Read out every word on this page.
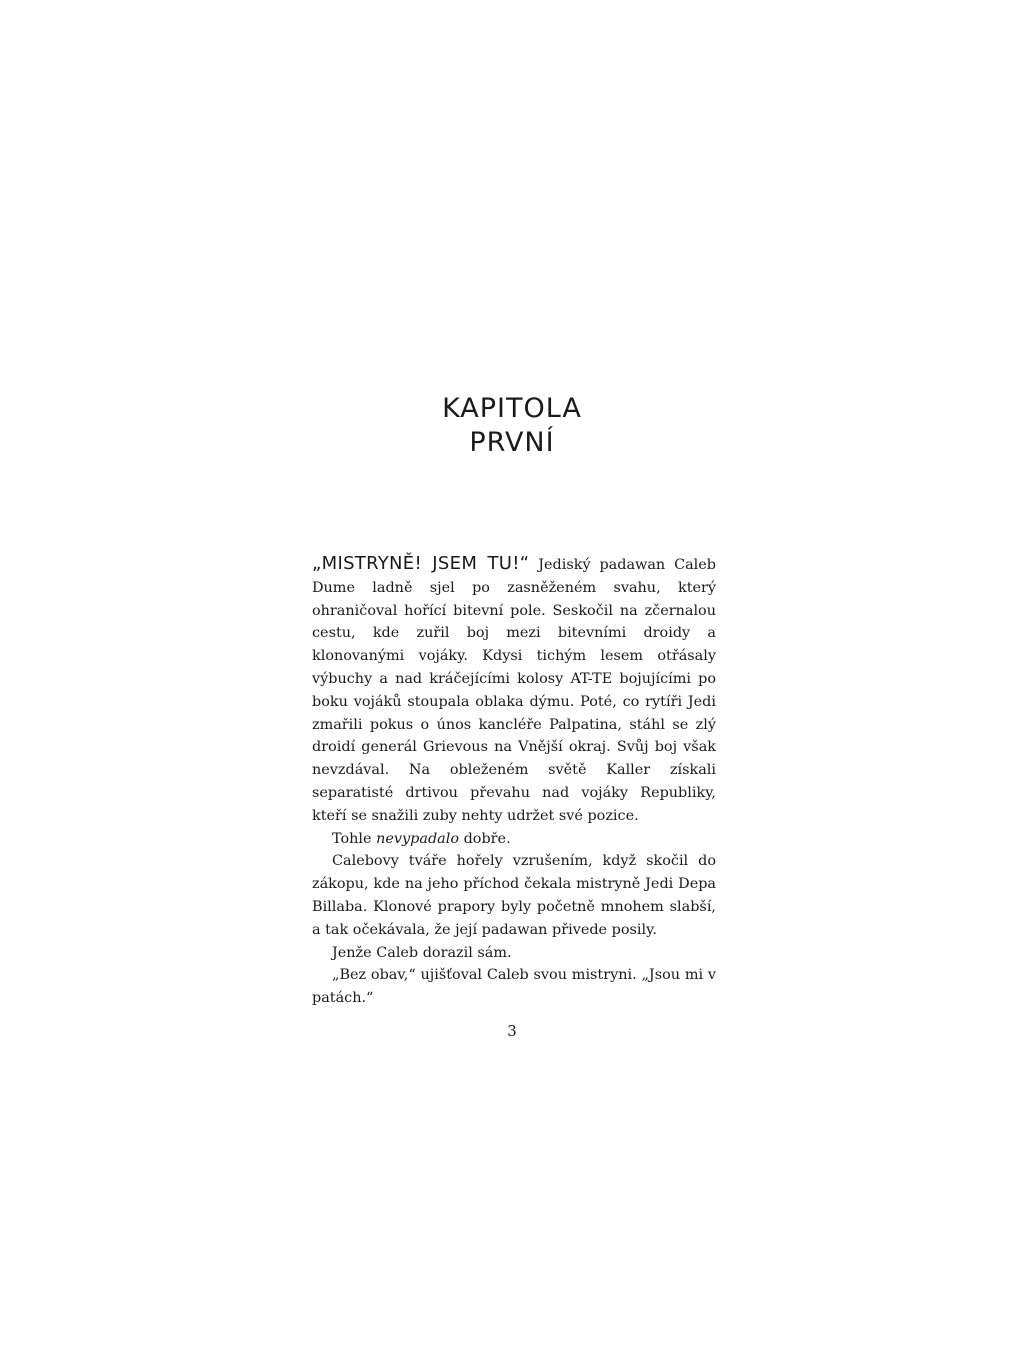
KAPITOLA
PRVNÍ

„MISTRYNĚ! JSEM TU!“ Jediský padawan Caleb Dume ladně sjel po zasněženém svahu, který ohraničoval hořící bitevní pole. Seskočil na zčernalou cestu, kde zuřil boj mezi bitevními droidy a klonovanými vojáky. Kdysi tichým lesem otřásaly výbuchy a nad kráčejícími kolosy AT-TE bojujícími po boku vojáků stoupala oblaka dýmu. Poté, co rytíři Jedi zmařili pokus o únos kancléře Palpatina, stáhl se zlý droidí generál Grievous na Vnější okraj. Svůj boj však nevzdával. Na obleženém světě Kaller získali separatisté drtivou převahu nad vojáky Republiky, kteří se snažili zuby nehty udržet své pozice.

Tohle nevypadalo dobře.

Calebovy tváře hořely vzrušením, když skočil do zákopu, kde na jeho příchod čekala mistryně Jedi Depa Billaba. Klonové prapory byly početně mnohem slabší, a tak očekávala, že její padawan přivede posily.

Jenže Caleb dorazil sám.

„Bez obav,“ ujišťoval Caleb svou mistryni. „Jsou mi v patách.“

3
